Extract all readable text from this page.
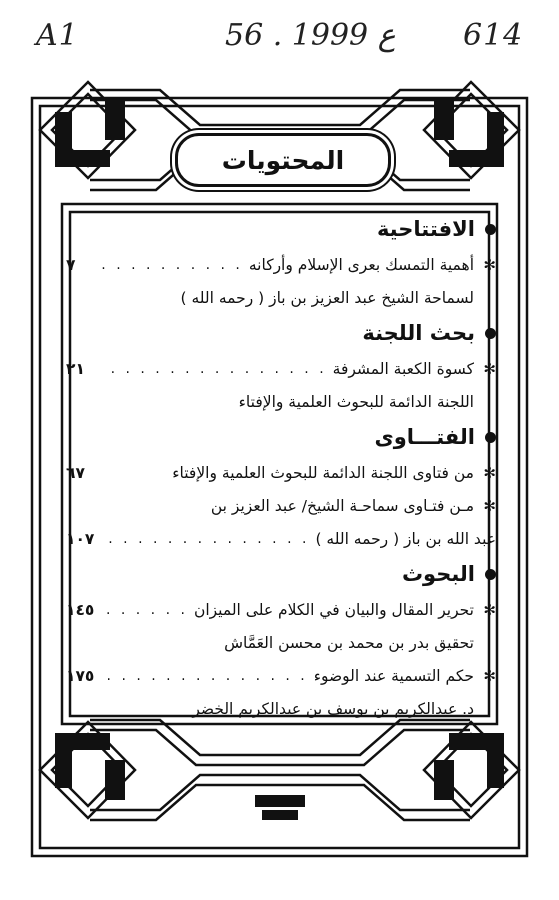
A1	56 . ع 1999 614
المحتويات
الافتتاحية
✻
أهمية التمسك بعرى الإسلام وأركانه
. . .
٧
لسماحة الشيخ عبد العزيز بن باز ( رحمه الله )
بحث اللجنة
✻
كسوة الكعبة المشرفة
. . .
٢١
اللجنة الدائمة للبحوث العلمية والإفتاء
الفتـــاوى
✻
من فتاوى اللجنة الدائمة للبحوث العلمية والإفتاء
٦٧
✻
مـن فتـاوى سماحـة الشيخ/ عبد العزيز بن
عبد الله بن باز ( رحمه الله )
. . .
١٠٧
البحوث
✻
تحرير المقال والبيان في الكلام على الميزان
. . .
١٤٥
تحقيق بدر بن محمد بن محسن العَمَّاش
✻
حكم التسمية عند الوضوء
. . .
١٧٥
د. عبدالكريم بن يوسف بن عبدالكريم الخضر
